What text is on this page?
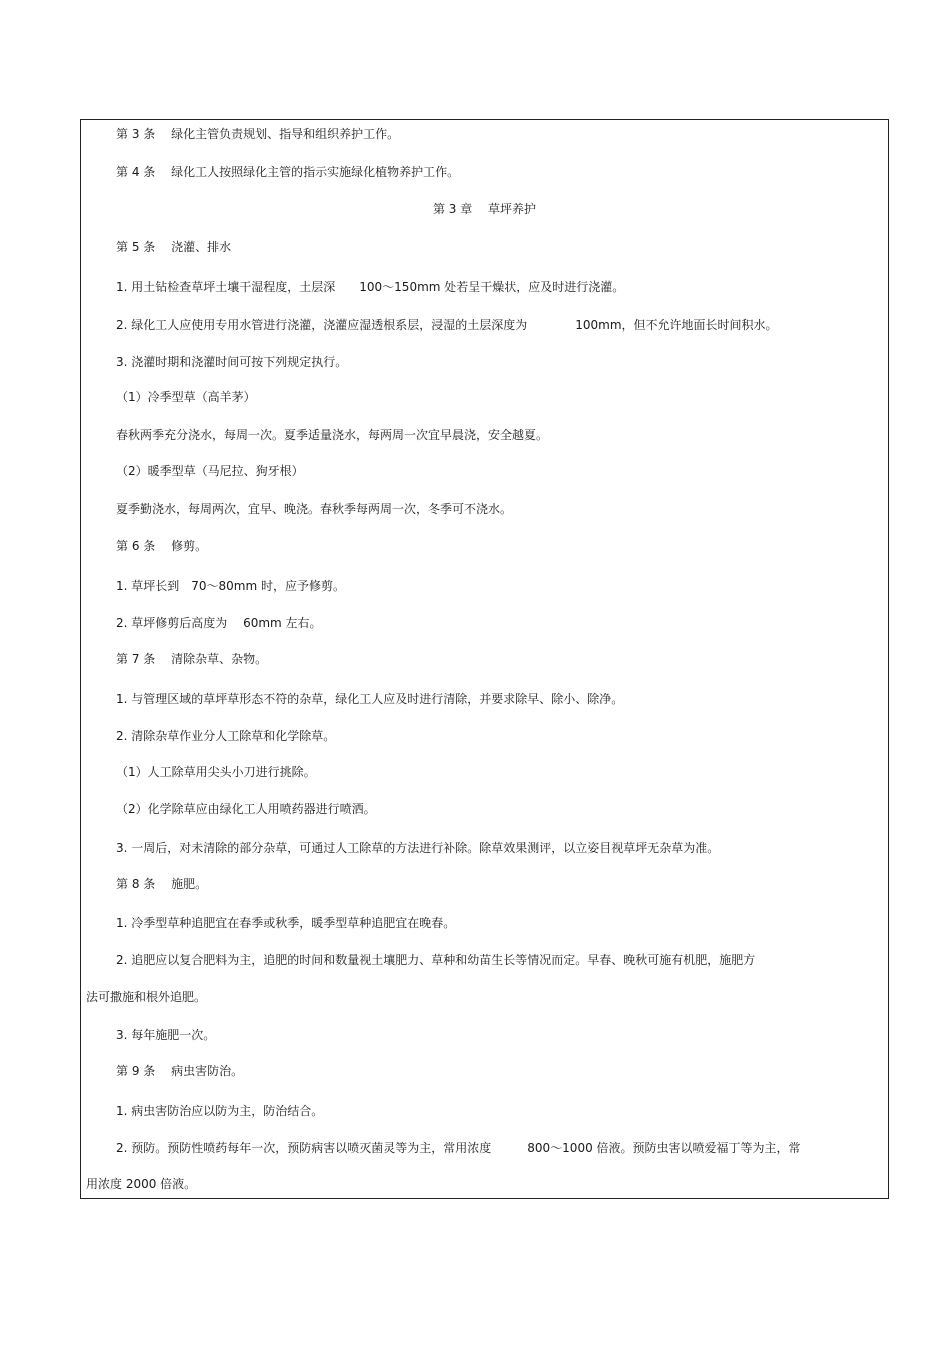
第 3 条　 绿化主管负责规划、指导和组织养护工作。
第 4 条　 绿化工人按照绿化主管的指示实施绿化植物养护工作。
第 3 章　 草坪养护
第 5 条　 浇灌、排水
1. 用土钻检查草坪土壤干湿程度，土层深　　100～150mm 处若呈干燥状，应及时进行浇灌。
2. 绿化工人应使用专用水管进行浇灌，浇灌应湿透根系层，浸湿的土层深度为　　　　100mm，但不允许地面长时间积水。
3. 浇灌时期和浇灌时间可按下列规定执行。
（1）冷季型草（高羊茅）
春秋两季充分浇水，每周一次。夏季适量浇水，每两周一次宜早晨浇，安全越夏。
（2）暖季型草（马尼拉、狗牙根）
夏季勤浇水，每周两次，宜早、晚浇。春秋季每两周一次，冬季可不浇水。
第 6 条　 修剪。
1. 草坪长到　70～80mm 时，应予修剪。
2. 草坪修剪后高度为　 60mm 左右。
第 7 条　 清除杂草、杂物。
1. 与管理区域的草坪草形态不符的杂草，绿化工人应及时进行清除，并要求除早、除小、除净。
2. 清除杂草作业分人工除草和化学除草。
（1）人工除草用尖头小刀进行挑除。
（2）化学除草应由绿化工人用喷药器进行喷洒。
3. 一周后，对未清除的部分杂草，可通过人工除草的方法进行补除。除草效果测评，以立姿目视草坪无杂草为准。
第 8 条　 施肥。
1. 冷季型草种追肥宜在春季或秋季，暖季型草种追肥宜在晚春。
2. 追肥应以复合肥料为主，追肥的时间和数量视土壤肥力、草种和幼苗生长等情况而定。早春、晚秋可施有机肥，施肥方
法可撒施和根外追肥。
3. 每年施肥一次。
第 9 条　 病虫害防治。
1. 病虫害防治应以防为主，防治结合。
2. 预防。预防性喷药每年一次，预防病害以喷灭菌灵等为主，常用浓度　　　800～1000 倍液。预防虫害以喷爱福丁等为主，常
用浓度 2000 倍液。
